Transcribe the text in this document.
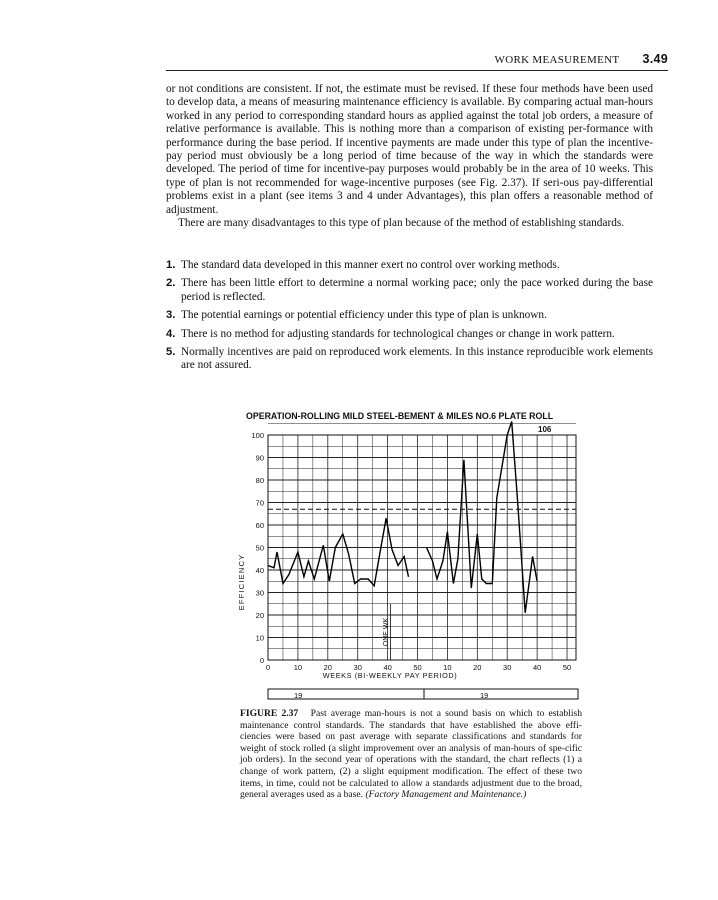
WORK MEASUREMENT 3.49

or not conditions are consistent. If not, the estimate must be revised. If these four methods have been used to develop data, a means of measuring maintenance efficiency is available. By comparing actual man-hours worked in any period to corresponding standard hours as applied against the total job orders, a measure of relative performance is available. This is nothing more than a comparison of existing per-formance with performance during the base period. If incentive payments are made under this type of plan the incentive-pay period must obviously be a long period of time because of the way in which the standards were developed. The period of time for incentive-pay purposes would probably be in the area of 10 weeks. This type of plan is not recommended for wage-incentive purposes (see Fig. 2.37). If seri-ous pay-differential problems exist in a plant (see items 3 and 4 under Advantages), this plan offers a reasonable method of adjustment.

There are many disadvantages to this type of plan because of the method of establishing standards.

1. The standard data developed in this manner exert no control over working methods.
2. There has been little effort to determine a normal working pace; only the pace worked during the base period is reflected.
3. The potential earnings or potential efficiency under this type of plan is unknown.
4. There is no method for adjusting standards for technological changes or change in work pattern.
5. Normally incentives are paid on reproduced work elements. In this instance reproducible work elements are not assured.
OPERATION-ROLLING MILD STEEL-BEMENT & MILES NO.6 PLATE ROLL
0
10
20
30
40
50
60
70
80
90
100
0	10	20	30	40	50	10	20	30	40	50
106
EFFICIENCY
WEEKS (BI-WEEKLY PAY PERIOD)
ONE WK
19__	19__
FIGURE 2.37 Past average man-hours is not a sound basis on which to establish maintenance control standards. The standards that have established the above effi-ciencies were based on past average with separate classifications and standards for weight of stock rolled (a slight improvement over an analysis of man-hours of spe-cific job orders). In the second year of operations with the standard, the chart reflects (1) a change of work pattern, (2) a slight equipment modification. The effect of these two items, in time, could not be calculated to allow a standards adjustment due to the broad, general averages used as a base. (Factory Management and Maintenance.)
